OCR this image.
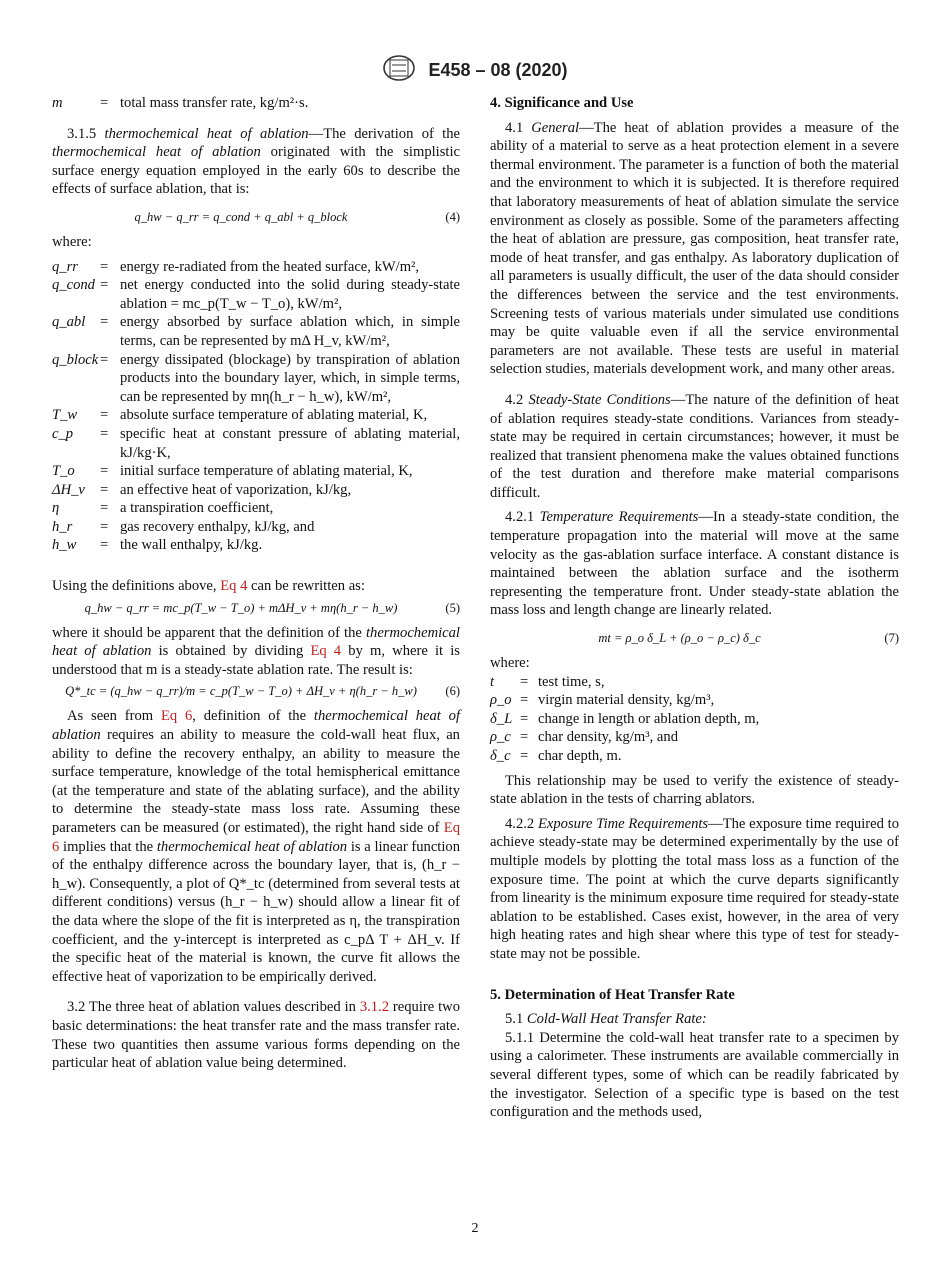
E458 – 08 (2020)
m	= total mass transfer rate, kg/m²·s.

3.1.5 thermochemical heat of ablation—The derivation of the thermochemical heat of ablation originated with the simplistic surface energy equation employed in the early 60s to describe the effects of surface ablation, that is:

q_hw − q_rr = q_cond + q_abl + q_block	(4)

where:

q_rr	= energy re-radiated from the heated surface, kW/m²,
q_cond = net energy conducted into the solid during steady-state ablation = mc_p(T_w − T_o), kW/m²,
q_abl	= energy absorbed by surface ablation which, in simple terms, can be represented by mΔ H_v, kW/m²,
q_block = energy dissipated (blockage) by transpiration of ablation products into the boundary layer, which, in simple terms, can be represented by mη(h_r − h_w), kW/m²,
T_w	= absolute surface temperature of ablating material, K,
c_p	= specific heat at constant pressure of ablating material, kJ/kg·K,
T_o	= initial surface temperature of ablating material, K,
ΔH_v	= an effective heat of vaporization, kJ/kg,
η	= a transpiration coefficient,
h_r	= gas recovery enthalpy, kJ/kg, and
h_w	= the wall enthalpy, kJ/kg.

Using the definitions above, Eq 4 can be rewritten as:

q_hw − q_rr = mc_p(T_w − T_o) + mΔH_v + mη(h_r − h_w)	(5)

where it should be apparent that the definition of the thermochemical heat of ablation is obtained by dividing Eq 4 by m, where it is understood that m is a steady-state ablation rate. The result is:

Q*_tc = (q_hw − q_rr)/m = c_p(T_w − T_o) + ΔH_v + η(h_r − h_w)	(6)

As seen from Eq 6, definition of the thermochemical heat of ablation requires an ability to measure the cold-wall heat flux, an ability to define the recovery enthalpy, an ability to measure the surface temperature, knowledge of the total hemispherical emittance (at the temperature and state of the ablating surface), and the ability to determine the steady-state mass loss rate. Assuming these parameters can be measured (or estimated), the right hand side of Eq 6 implies that the thermochemical heat of ablation is a linear function of the enthalpy difference across the boundary layer, that is, (h_r − h_w). Consequently, a plot of Q*_tc (determined from several tests at different conditions) versus (h_r − h_w) should allow a linear fit of the data where the slope of the fit is interpreted as η, the transpiration coefficient, and the y-intercept is interpreted as c_pΔ T + ΔH_v. If the specific heat of the material is known, the curve fit allows the effective heat of vaporization to be empirically derived.

3.2 The three heat of ablation values described in 3.1.2 require two basic determinations: the heat transfer rate and the mass transfer rate. These two quantities then assume various forms depending on the particular heat of ablation value being determined.

4. Significance and Use

4.1 General—The heat of ablation provides a measure of the ability of a material to serve as a heat protection element in a severe thermal environment. The parameter is a function of both the material and the environment to which it is subjected. It is therefore required that laboratory measurements of heat of ablation simulate the service environment as closely as possible. Some of the parameters affecting the heat of ablation are pressure, gas composition, heat transfer rate, mode of heat transfer, and gas enthalpy. As laboratory duplication of all parameters is usually difficult, the user of the data should consider the differences between the service and the test environments. Screening tests of various materials under simulated use conditions may be quite valuable even if all the service environmental parameters are not available. These tests are useful in material selection studies, materials development work, and many other areas.

4.2 Steady-State Conditions—The nature of the definition of heat of ablation requires steady-state conditions. Variances from steady-state may be required in certain circumstances; however, it must be realized that transient phenomena make the values obtained functions of the test duration and therefore make material comparisons difficult.

4.2.1 Temperature Requirements—In a steady-state condition, the temperature propagation into the material will move at the same velocity as the gas-ablation surface interface. A constant distance is maintained between the ablation surface and the isotherm representing the temperature front. Under steady-state ablation the mass loss and length change are linearly related.

mt = ρ_o δ_L + (ρ_o − ρ_c) δ_c	(7)

where:

t	= test time, s,
ρ_o = virgin material density, kg/m³,
δ_L = change in length or ablation depth, m,
ρ_c = char density, kg/m³, and
δ_c = char depth, m.

This relationship may be used to verify the existence of steady-state ablation in the tests of charring ablators.

4.2.2 Exposure Time Requirements—The exposure time required to achieve steady-state may be determined experimentally by the use of multiple models by plotting the total mass loss as a function of the exposure time. The point at which the curve departs significantly from linearity is the minimum exposure time required for steady-state ablation to be established. Cases exist, however, in the area of very high heating rates and high shear where this type of test for steady-state may not be possible.

5. Determination of Heat Transfer Rate

5.1 Cold-Wall Heat Transfer Rate:

5.1.1 Determine the cold-wall heat transfer rate to a specimen by using a calorimeter. These instruments are available commercially in several different types, some of which can be readily fabricated by the investigator. Selection of a specific type is based on the test configuration and the methods used,

2
